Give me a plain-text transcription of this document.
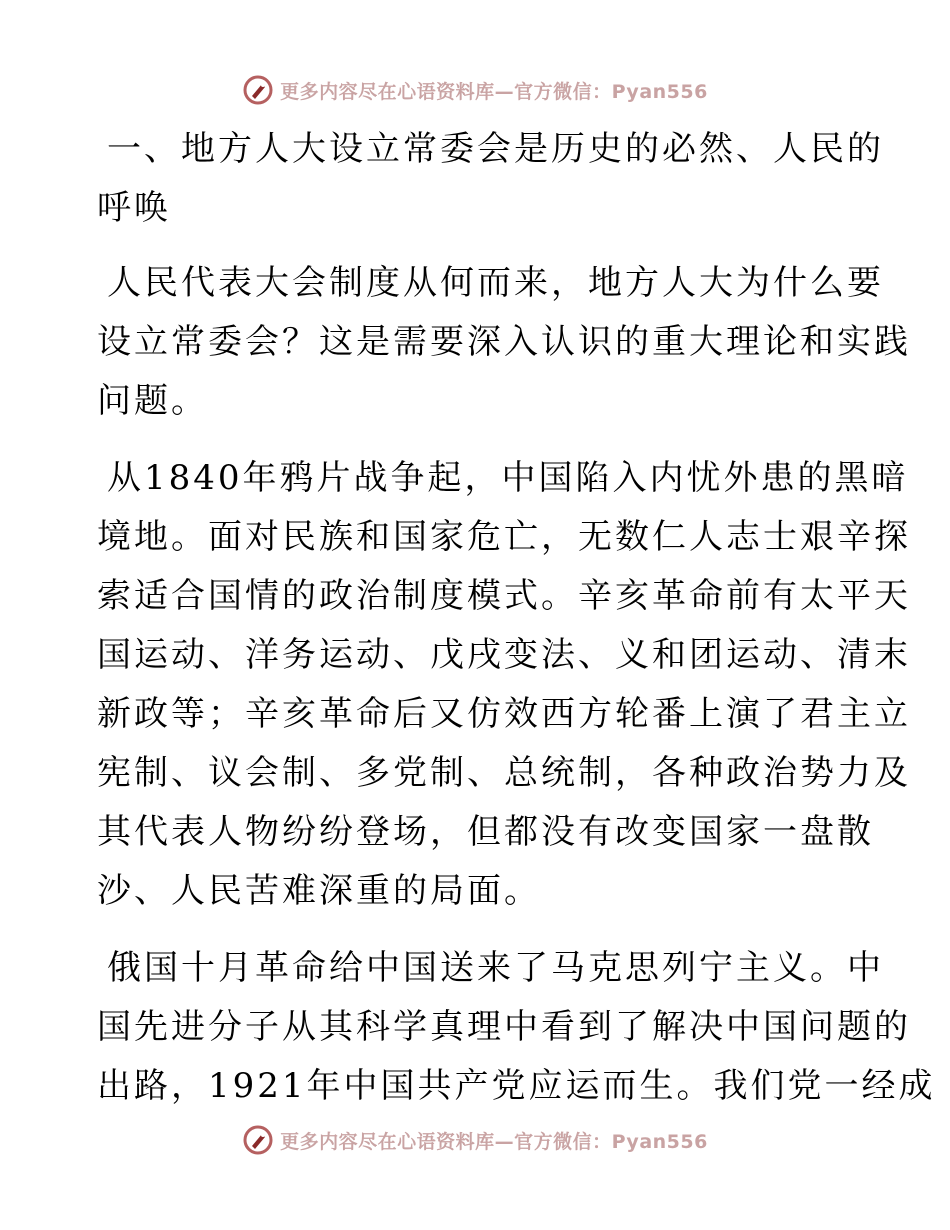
更多内容尽在心语资料库—官方微信：Pyan556

一、地方人大设立常委会是历史的必然、人民的
呼唤

人民代表大会制度从何而来，地方人大为什么要
设立常委会？这是需要深入认识的重大理论和实践
问题。

从1840年鸦片战争起，中国陷入内忧外患的黑暗
境地。面对民族和国家危亡，无数仁人志士艰辛探
索适合国情的政治制度模式。辛亥革命前有太平天
国运动、洋务运动、戊戌变法、义和团运动、清末
新政等；辛亥革命后又仿效西方轮番上演了君主立
宪制、议会制、多党制、总统制，各种政治势力及
其代表人物纷纷登场，但都没有改变国家一盘散
沙、人民苦难深重的局面。

俄国十月革命给中国送来了马克思列宁主义。中
国先进分子从其科学真理中看到了解决中国问题的
出路，1921年中国共产党应运而生。我们党一经成

更多内容尽在心语资料库—官方微信：Pyan556
